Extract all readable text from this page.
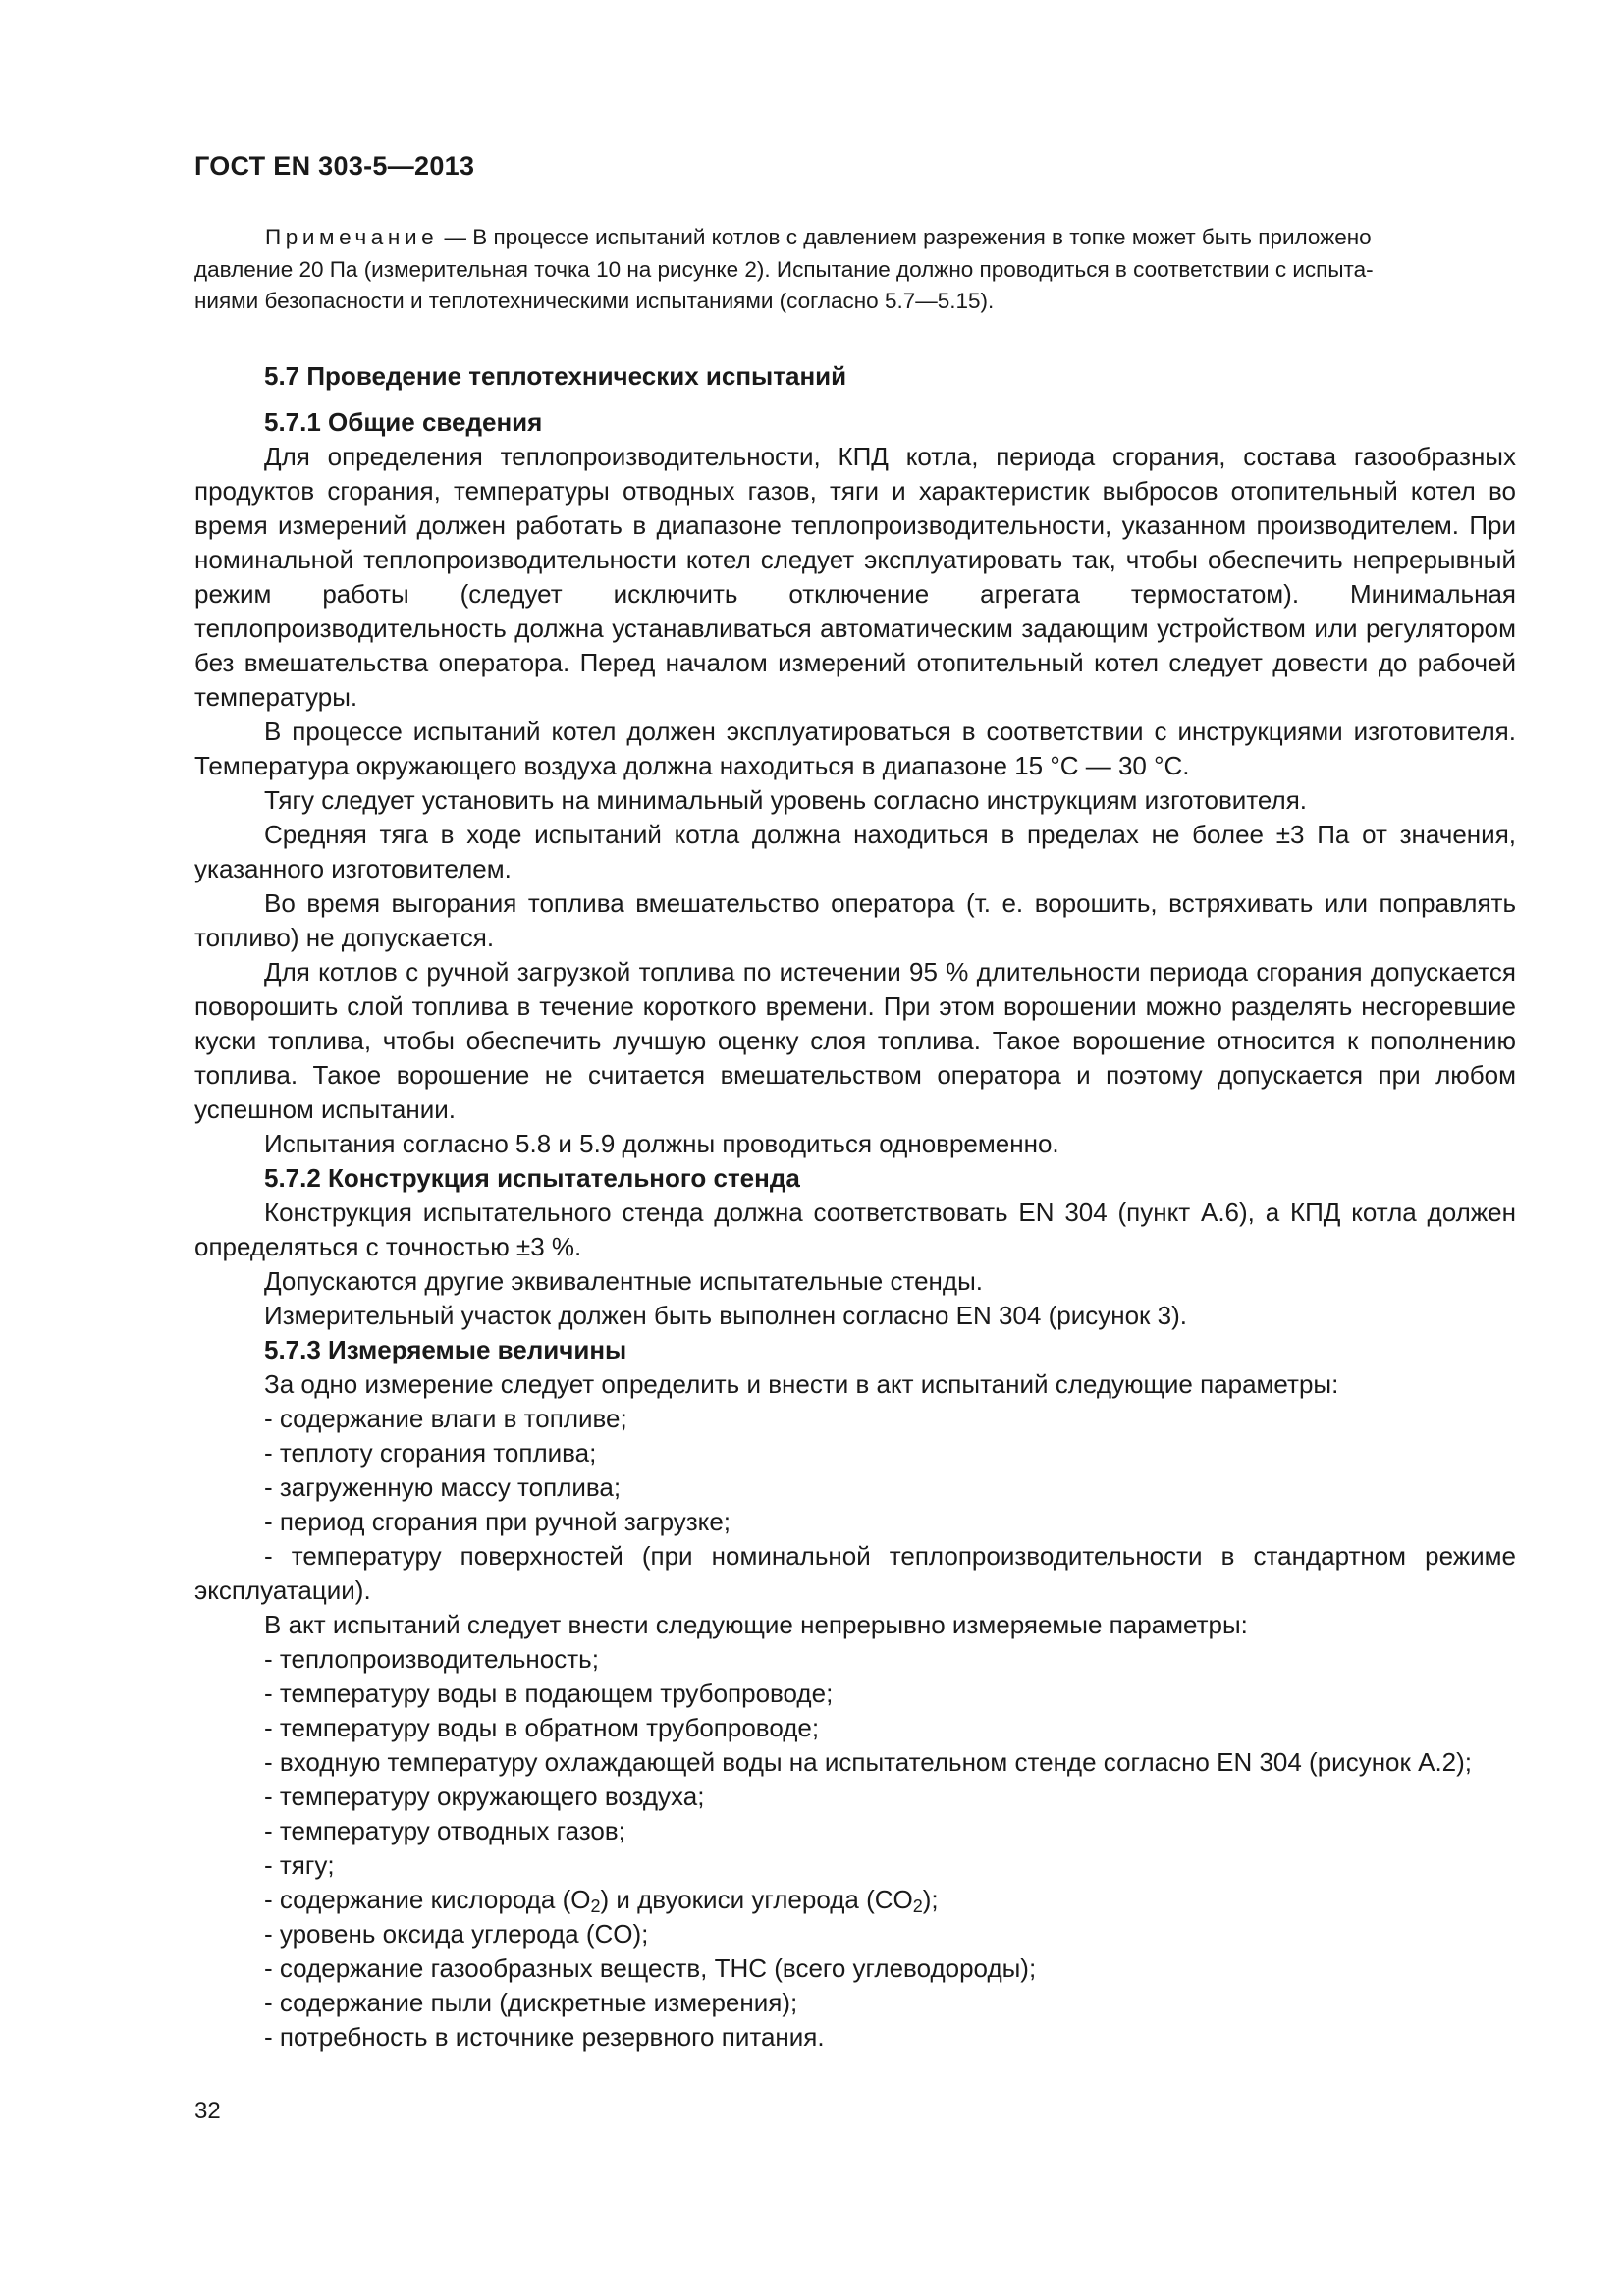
ГОСТ EN 303-5—2013

Примечание — В процессе испытаний котлов с давлением разрежения в топке может быть приложено

давление 20 Па (измерительная точка 10 на рисунке 2). Испытание должно проводиться в соответствии с испыта-

ниями безопасности и теплотехническими испытаниями (согласно 5.7—5.15).

5.7 Проведение теплотехнических испытаний
5.7.1 Общие сведения

Для определения теплопроизводительности, КПД котла, периода сгорания, состава газообразных продуктов сгорания, температуры отводных газов, тяги и характеристик выбросов отопительный котел во время измерений должен работать в диапазоне теплопроизводительности, указанном производителем. При номинальной теплопроизводительности котел следует эксплуатировать так, чтобы обеспечить непрерывный режим работы (следует исключить отключение агрегата термостатом). Минимальная теплопроизводительность должна устанавливаться автоматическим задающим устройством или регулятором без вмешательства оператора. Перед началом измерений отопительный котел следует довести до рабочей температуры.

В процессе испытаний котел должен эксплуатироваться в соответствии с инструкциями изготовителя. Температура окружающего воздуха должна находиться в диапазоне 15 °С — 30 °С.

Тягу следует установить на минимальный уровень согласно инструкциям изготовителя.

Средняя тяга в ходе испытаний котла должна находиться в пределах не более ±3 Па от значения, указанного изготовителем.

Во время выгорания топлива вмешательство оператора (т. е. ворошить, встряхивать или поправлять топливо) не допускается.

Для котлов с ручной загрузкой топлива по истечении 95 % длительности периода сгорания допускается поворошить слой топлива в течение короткого времени. При этом ворошении можно разделять несгоревшие куски топлива, чтобы обеспечить лучшую оценку слоя топлива. Такое ворошение относится к пополнению топлива. Такое ворошение не считается вмешательством оператора и поэтому допускается при любом успешном испытании.

Испытания согласно 5.8 и 5.9 должны проводиться одновременно.

5.7.2 Конструкция испытательного стенда

Конструкция испытательного стенда должна соответствовать EN 304 (пункт А.6), а КПД котла должен определяться с точностью ±3 %.

Допускаются другие эквивалентные испытательные стенды.

Измерительный участок должен быть выполнен согласно EN 304 (рисунок 3).

5.7.3 Измеряемые величины

За одно измерение следует определить и внести в акт испытаний следующие параметры:

- содержание влаги в топливе;

- теплоту сгорания топлива;

- загруженную массу топлива;

- период сгорания при ручной загрузке;

- температуру поверхностей (при номинальной теплопроизводительности в стандартном режиме эксплуатации).

В акт испытаний следует внести следующие непрерывно измеряемые параметры:

- теплопроизводительность;

- температуру воды в подающем трубопроводе;

- температуру воды в обратном трубопроводе;

- входную температуру охлаждающей воды на испытательном стенде согласно EN 304 (рисунок А.2);

- температуру окружающего воздуха;

- температуру отводных газов;

- тягу;

- содержание кислорода $(O_2)$ и двуокиси углерода $(CO_2)$;

- уровень оксида углерода (CO);

- содержание газообразных веществ, THC (всего углеводороды);

- содержание пыли (дискретные измерения);

- потребность в источнике резервного питания.

32
